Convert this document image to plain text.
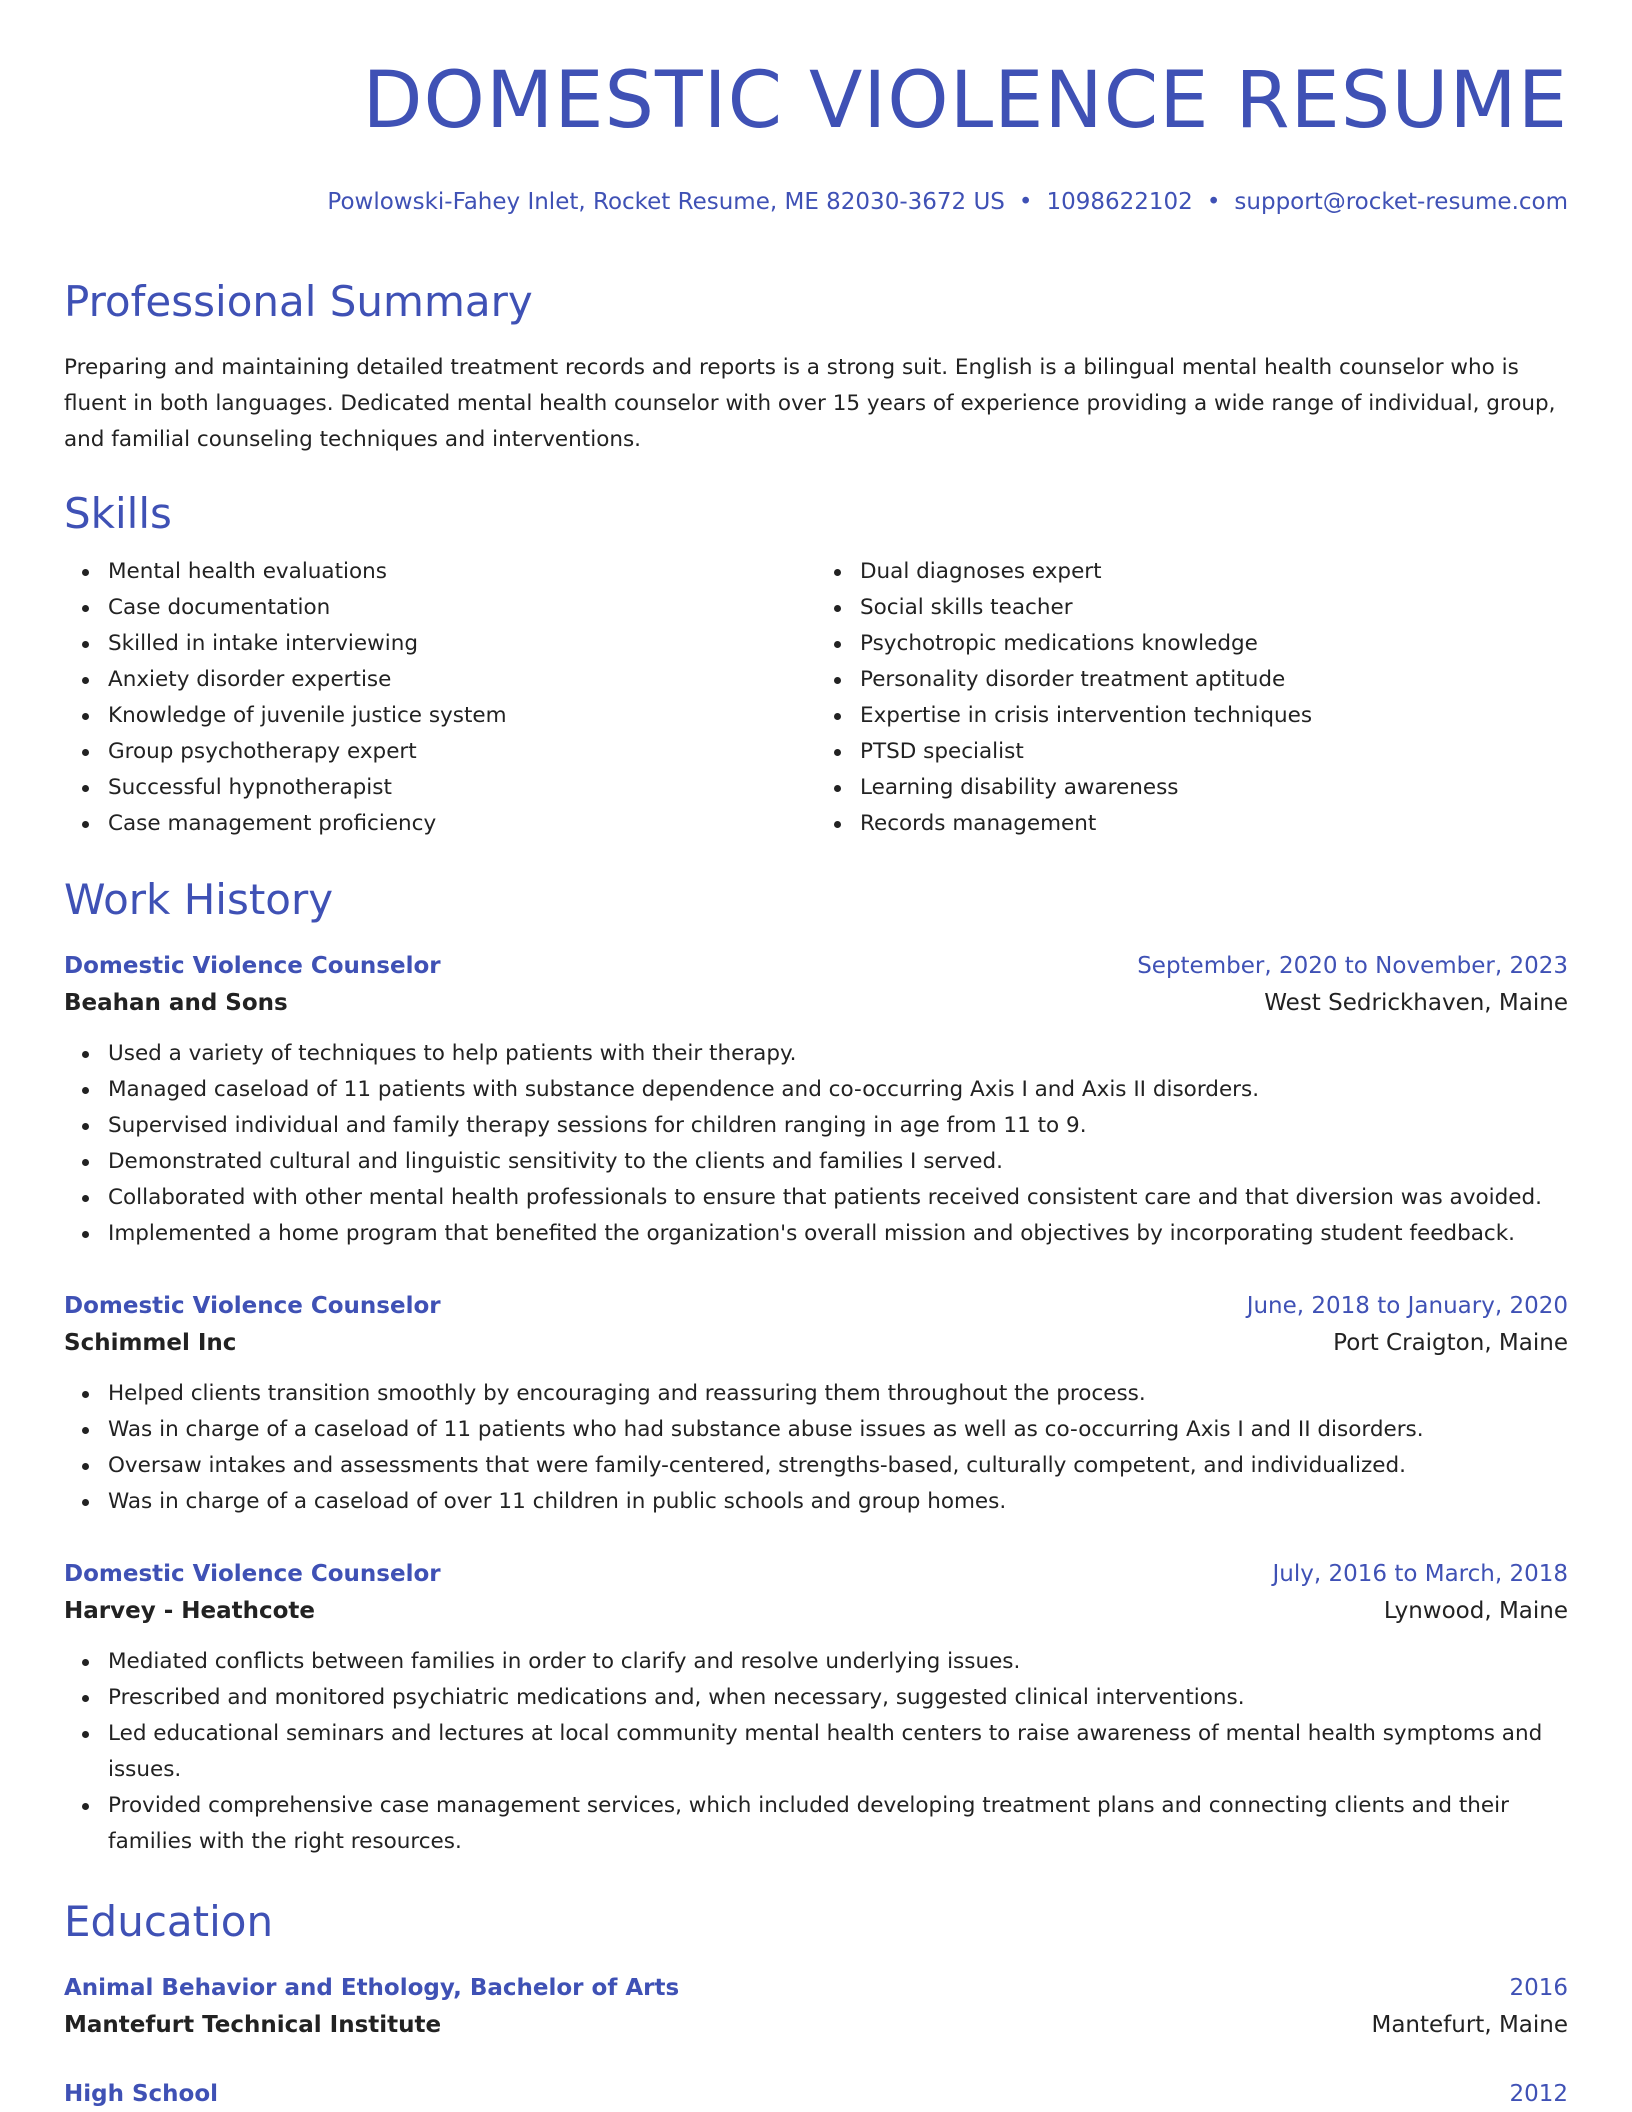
DOMESTIC VIOLENCE RESUME
Powlowski-Fahey Inlet, Rocket Resume, ME 82030-3672 US • 1098622102 • support@rocket-resume.com
Professional Summary
Preparing and maintaining detailed treatment records and reports is a strong suit. English is a bilingual mental health counselor who is fluent in both languages. Dedicated mental health counselor with over 15 years of experience providing a wide range of individual, group, and familial counseling techniques and interventions.
Skills
Mental health evaluations
Case documentation
Skilled in intake interviewing
Anxiety disorder expertise
Knowledge of juvenile justice system
Group psychotherapy expert
Successful hypnotherapist
Case management proficiency
Dual diagnoses expert
Social skills teacher
Psychotropic medications knowledge
Personality disorder treatment aptitude
Expertise in crisis intervention techniques
PTSD specialist
Learning disability awareness
Records management
Work History
Domestic Violence Counselor	September, 2020 to November, 2023
Beahan and Sons	West Sedrickhaven, Maine
Used a variety of techniques to help patients with their therapy.
Managed caseload of 11 patients with substance dependence and co-occurring Axis I and Axis II disorders.
Supervised individual and family therapy sessions for children ranging in age from 11 to 9.
Demonstrated cultural and linguistic sensitivity to the clients and families I served.
Collaborated with other mental health professionals to ensure that patients received consistent care and that diversion was avoided.
Implemented a home program that benefited the organization's overall mission and objectives by incorporating student feedback.
Domestic Violence Counselor	June, 2018 to January, 2020
Schimmel Inc	Port Craigton, Maine
Helped clients transition smoothly by encouraging and reassuring them throughout the process.
Was in charge of a caseload of 11 patients who had substance abuse issues as well as co-occurring Axis I and II disorders.
Oversaw intakes and assessments that were family-centered, strengths-based, culturally competent, and individualized.
Was in charge of a caseload of over 11 children in public schools and group homes.
Domestic Violence Counselor	July, 2016 to March, 2018
Harvey - Heathcote	Lynwood, Maine
Mediated conflicts between families in order to clarify and resolve underlying issues.
Prescribed and monitored psychiatric medications and, when necessary, suggested clinical interventions.
Led educational seminars and lectures at local community mental health centers to raise awareness of mental health symptoms and issues.
Provided comprehensive case management services, which included developing treatment plans and connecting clients and their families with the right resources.
Education
Animal Behavior and Ethology, Bachelor of Arts	2016
Mantefurt Technical Institute	Mantefurt, Maine
High School	2012
